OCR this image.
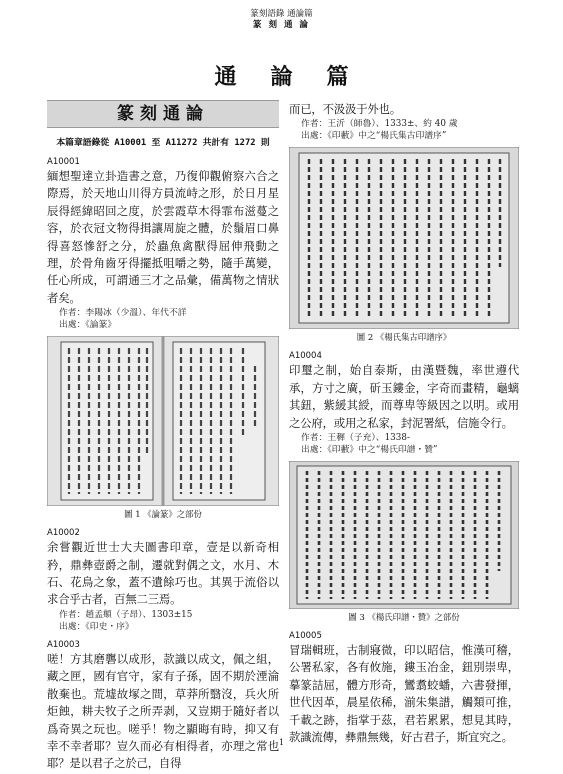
篆刻語錄 通論篇
篆 刻 通 論
通論篇
篆刻通論
本篇章語錄從 A10001 至 A11272 共計有 1272 則
A10001
緬想聖達立卦造書之意，乃復仰觀俯察六合之際焉，於天地山川得方員流峙之形，於日月星辰得經緯昭回之度，於雲霞草木得霏布滋蔓之容，於衣冠文物得揖讓周旋之體，於鬚眉口鼻得喜怒慘舒之分，於蟲魚禽獸得屈伸飛動之理，於骨角齒牙得擺抵咀嚼之勢，隨手萬變，任心所成，可謂通三才之品彙，備萬物之情狀者矣。
作者：李陽冰（少溫）、年代不詳
出處：《論篆》
圖 1 《論篆》之部份
A10002
余嘗觀近世士大夫圖書印章，壹是以新奇相矜，鼎彝壺爵之制，遷就對偶之文，水月、木石、花鳥之象，蓋不遺餘巧也。其異于流俗以求合乎古者，百無二三焉。
作者：趙孟頫（子昂）、1303±15
出處：《印史・序》
A10003
嗟！方其磨礱以成形，款識以成文，佩之組，藏之匣，國有官守，家有子孫，固不期於湮淪散棄也。荒墟故塚之間，草莽所翳沒，兵火所炬蝕，耕夫牧子之所弄剥，又豈期于隨好者以爲奇異之玩也。嗟乎！物之顯晦有時，抑又有幸不幸者耶？豈久而必有相得者，亦理之常也耶？是以君子之於己，自得
而已，不汲汲于外也。
作者：王沂（師魯）、1333±、約 40 歲
出處：《印藪》中之“楊氏集古印譜序”
圖 2 《楊氏集古印譜序》
A10004
印璽之制，始自泰斯，由漢暨魏，率世遵代承，方寸之廣，斫玉鏤金，字奇而畫精，龜螭其鈕，紫緩其綬，而尊卑等級因之以明。或用之公府，或用之私家，封泥署紙，信施令行。
作者：王穉（子充）、1338-
出處：《印藪》中之“楊氏印譜・贊”
圖 3 《楊氏印譜・贊》之部份
A10005
冒瑞輯班，古制寢微，印以昭信，惟漢可稽，公署私家，各有攸施，鏤玉冶金，鈕別崇卑，摹篆詰屈，體方形奇，鸞翥蛟蟠，六書發揮，世代因革，晨星依稀，湔朱集譜，觸類可推，千載之跡，指掌于茲，君若累累，想見其時，款識流傳，彝鼎無幾，好古君子，斯宜究之。
1
